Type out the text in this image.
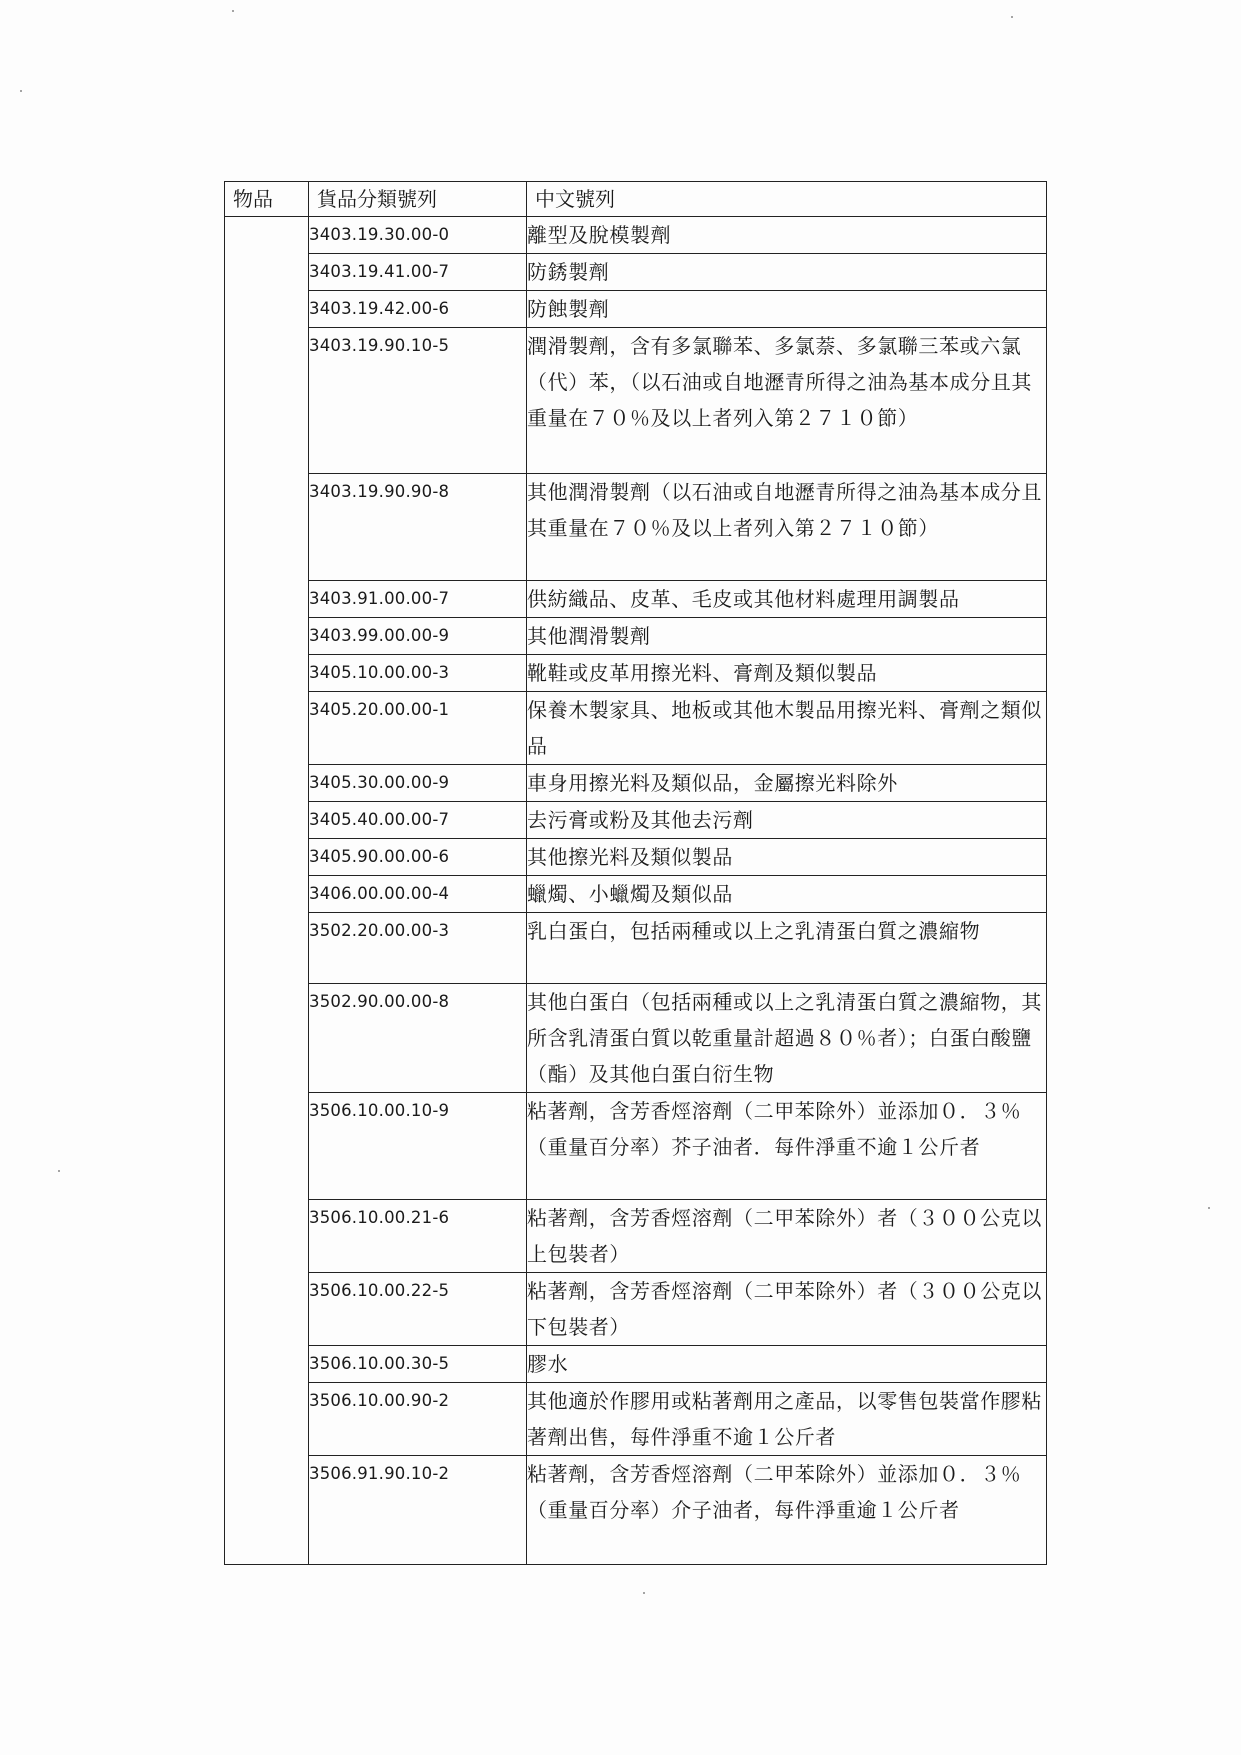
物品	貨品分類號列	中文號列
	3403.19.30.00-0	離型及脫模製劑
	3403.19.41.00-7	防銹製劑
	3403.19.42.00-6	防蝕製劑
	3403.19.90.10-5	潤滑製劑，含有多氯聯苯、多氯萘、多氯聯三苯或六氯（代）苯，（以石油或自地瀝青所得之油為基本成分且其重量在７０％及以上者列入第２７１０節）
	3403.19.90.90-8	其他潤滑製劑（以石油或自地瀝青所得之油為基本成分且其重量在７０％及以上者列入第２７１０節）
	3403.91.00.00-7	供紡織品、皮革、毛皮或其他材料處理用調製品
	3403.99.00.00-9	其他潤滑製劑
	3405.10.00.00-3	靴鞋或皮革用擦光料、膏劑及類似製品
	3405.20.00.00-1	保養木製家具、地板或其他木製品用擦光料、膏劑之類似品
	3405.30.00.00-9	車身用擦光料及類似品，金屬擦光料除外
	3405.40.00.00-7	去污膏或粉及其他去污劑
	3405.90.00.00-6	其他擦光料及類似製品
	3406.00.00.00-4	蠟燭、小蠟燭及類似品
	3502.20.00.00-3	乳白蛋白，包括兩種或以上之乳清蛋白質之濃縮物
	3502.90.00.00-8	其他白蛋白（包括兩種或以上之乳清蛋白質之濃縮物，其所含乳清蛋白質以乾重量計超過８０％者）；白蛋白酸鹽（酯）及其他白蛋白衍生物
	3506.10.00.10-9	粘著劑，含芳香烴溶劑（二甲苯除外）並添加０．３％（重量百分率）芥子油者．每件淨重不逾１公斤者
	3506.10.00.21-6	粘著劑，含芳香烴溶劑（二甲苯除外）者（３００公克以上包裝者）
	3506.10.00.22-5	粘著劑，含芳香烴溶劑（二甲苯除外）者（３００公克以下包裝者）
	3506.10.00.30-5	膠水
	3506.10.00.90-2	其他適於作膠用或粘著劑用之產品，以零售包裝當作膠粘著劑出售，每件淨重不逾１公斤者
	3506.91.90.10-2	粘著劑，含芳香烴溶劑（二甲苯除外）並添加０．３％（重量百分率）介子油者，每件淨重逾１公斤者
